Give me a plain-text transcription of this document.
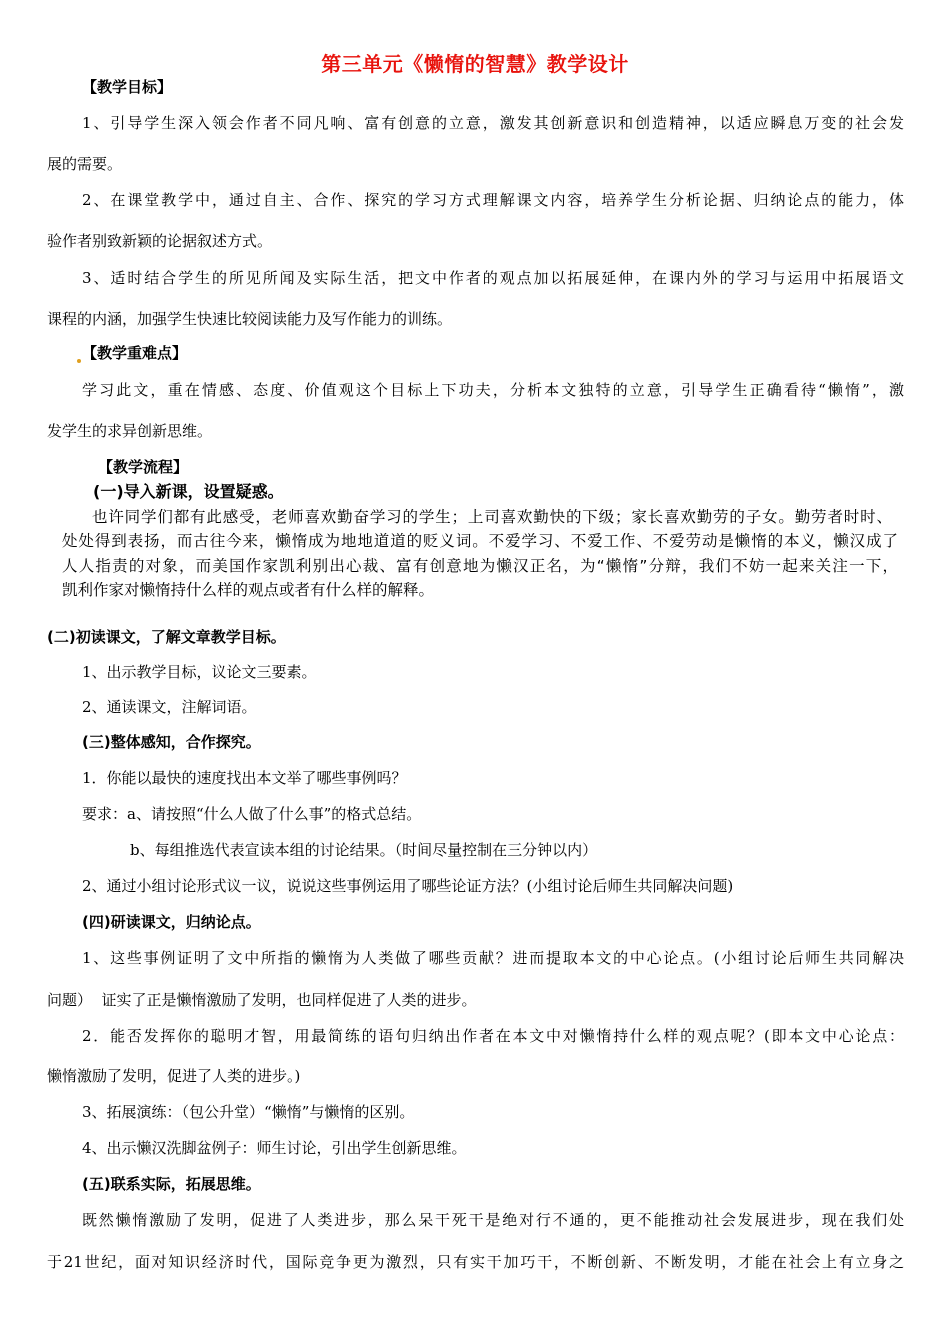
第三单元《懒惰的智慧》教学设计
【教学目标】
1、引导学生深入领会作者不同凡响、富有创意的立意，激发其创新意识和创造精神，以适应瞬息万变的社会发
展的需要。
2、在课堂教学中，通过自主、合作、探究的学习方式理解课文内容，培养学生分析论据、归纳论点的能力，体
验作者别致新颖的论据叙述方式。
3、适时结合学生的所见所闻及实际生活，把文中作者的观点加以拓展延伸，在课内外的学习与运用中拓展语文
课程的内涵，加强学生快速比较阅读能力及写作能力的训练。
【教学重难点】
学习此文，重在情感、态度、价值观这个目标上下功夫，分析本文独特的立意，引导学生正确看待“懒惰”，激
发学生的求异创新思维。
【教学流程】
(一)导入新课，设置疑惑。
也许同学们都有此感受，老师喜欢勤奋学习的学生；上司喜欢勤快的下级；家长喜欢勤劳的子女。勤劳者时时、
处处得到表扬，而古往今来，懒惰成为地地道道的贬义词。不爱学习、不爱工作、不爱劳动是懒惰的本义，懒汉成了
人人指责的对象，而美国作家凯利别出心裁、富有创意地为懒汉正名，为“懒惰”分辩，我们不妨一起来关注一下，
凯利作家对懒惰持什么样的观点或者有什么样的解释。
(二)初读课文，了解文章教学目标。
1、出示教学目标，议论文三要素。
2、通读课文，注解词语。
(三)整体感知，合作探究。
1．你能以最快的速度找出本文举了哪些事例吗？
要求：a、请按照“什么人做了什么事”的格式总结。
b、每组推选代表宣读本组的讨论结果。（时间尽量控制在三分钟以内）
2、通过小组讨论形式议一议，说说这些事例运用了哪些论证方法？(小组讨论后师生共同解决问题)
(四)研读课文，归纳论点。
1、这些事例证明了文中所指的懒惰为人类做了哪些贡献？进而提取本文的中心论点。(小组讨论后师生共同解决
问题）  证实了正是懒惰激励了发明，也同样促进了人类的进步。
2．能否发挥你的聪明才智，用最简练的语句归纳出作者在本文中对懒惰持什么样的观点呢？(即本文中心论点：
懒惰激励了发明，促进了人类的进步。)
3、拓展演练：（包公升堂）“懒惰”与懒惰的区别。
4、出示懒汉洗脚盆例子：师生讨论，引出学生创新思维。
(五)联系实际，拓展思维。
既然懒惰激励了发明，促进了人类进步，那么呆干死干是绝对行不通的，更不能推动社会发展进步，现在我们处
于21世纪，面对知识经济时代，国际竞争更为激烈，只有实干加巧干，不断创新、不断发明，才能在社会上有立身之
